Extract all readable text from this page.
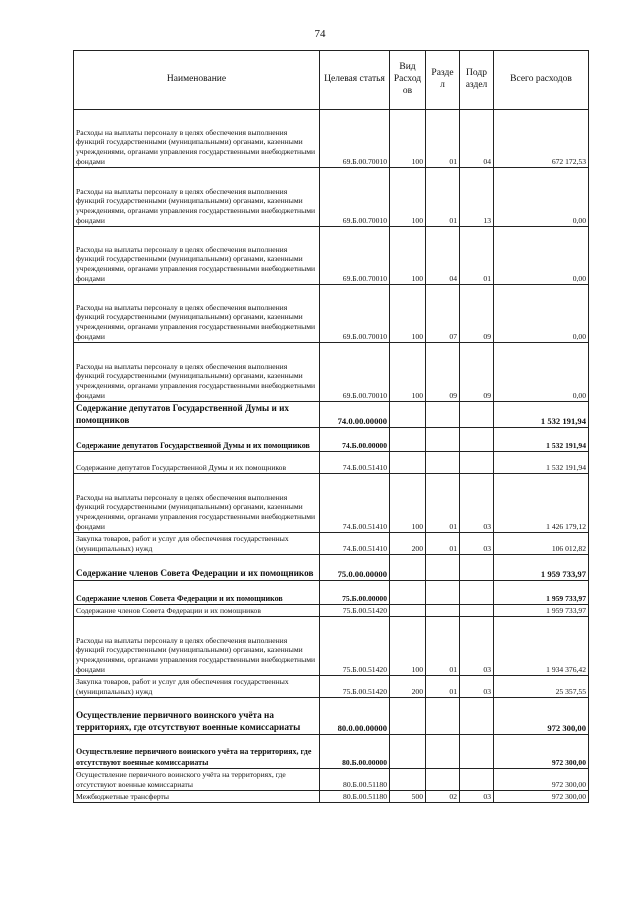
74
Наименование	Целевая статья	Вид Расход ов	Разде л	Подр аздел	Всего расходов
Расходы на выплаты персоналу в целях обеспечения выполнения функций государственными (муниципальными) органами, казенными учреждениями, органами управления государственными внебюджетными фондами	69.Б.00.70010	100	01	04	672 172,53
Расходы на выплаты персоналу в целях обеспечения выполнения функций государственными (муниципальными) органами, казенными учреждениями, органами управления государственными внебюджетными фондами	69.Б.00.70010	100	01	13	0,00
Расходы на выплаты персоналу в целях обеспечения выполнения функций государственными (муниципальными) органами, казенными учреждениями, органами управления государственными внебюджетными фондами	69.Б.00.70010	100	04	01	0,00
Расходы на выплаты персоналу в целях обеспечения выполнения функций государственными (муниципальными) органами, казенными учреждениями, органами управления государственными внебюджетными фондами	69.Б.00.70010	100	07	09	0,00
Расходы на выплаты персоналу в целях обеспечения выполнения функций государственными (муниципальными) органами, казенными учреждениями, органами управления государственными внебюджетными фондами	69.Б.00.70010	100	09	09	0,00
Содержание депутатов Государственной Думы и их помощников	74.0.00.00000				1 532 191,94
Содержание депутатов Государственной Думы и их помощников	74.Б.00.00000				1 532 191,94
Содержание депутатов Государственной Думы и их помощников	74.Б.00.51410				1 532 191,94
Расходы на выплаты персоналу в целях обеспечения выполнения функций государственными (муниципальными) органами, казенными учреждениями, органами управления государственными внебюджетными фондами	74.Б.00.51410	100	01	03	1 426 179,12
Закупка товаров, работ и услуг для обеспечения государственных (муниципальных) нужд	74.Б.00.51410	200	01	03	106 012,82
Содержание членов Совета Федерации и их помощников	75.0.00.00000				1 959 733,97
Содержание членов Совета Федерации и их помощников	75.Б.00.00000				1 959 733,97
Содержание членов Совета Федерации и их помощников	75.Б.00.51420				1 959 733,97
Расходы на выплаты персоналу в целях обеспечения выполнения функций государственными (муниципальными) органами, казенными учреждениями, органами управления государственными внебюджетными фондами	75.Б.00.51420	100	01	03	1 934 376,42
Закупка товаров, работ и услуг для обеспечения государственных (муниципальных) нужд	75.Б.00.51420	200	01	03	25 357,55
Осуществление первичного воинского учёта на территориях, где отсутствуют военные комиссариаты	80.0.00.00000				972 300,00
Осуществление первичного воинского учёта на территориях, где отсутствуют военные комиссариаты	80.Б.00.00000				972 300,00
Осуществление первичного воинского учёта на территориях, где отсутствуют военные комиссариаты	80.Б.00.51180				972 300,00
Межбюджетные трансферты	80.Б.00.51180	500	02	03	972 300,00
